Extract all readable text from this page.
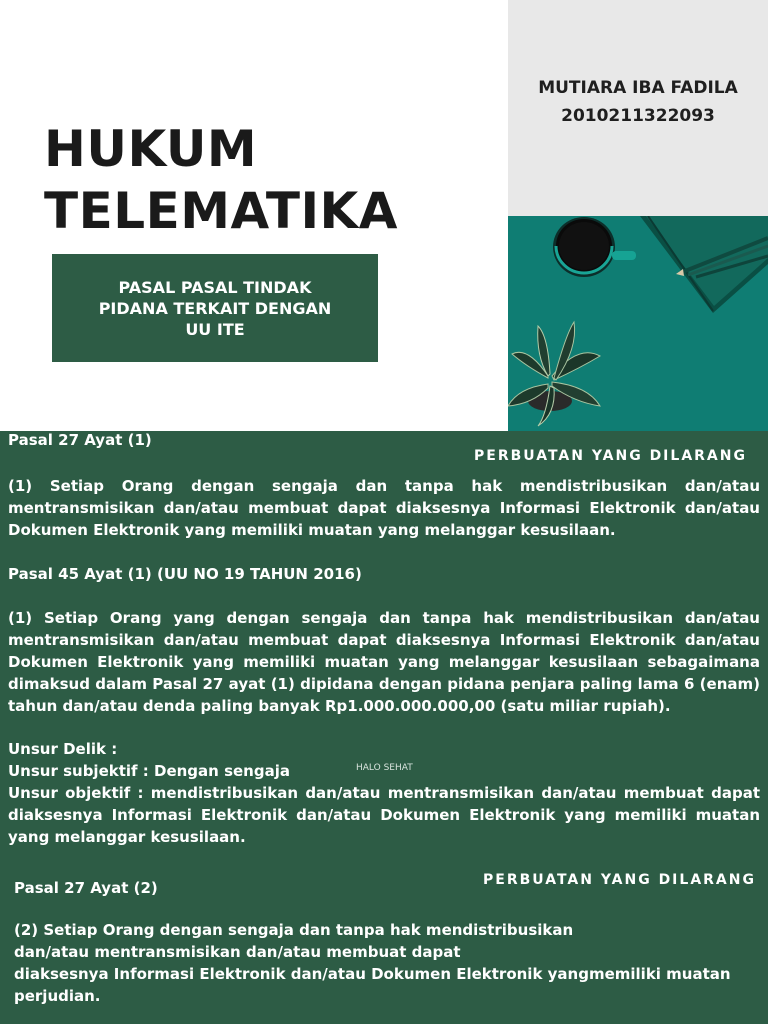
HUKUM
TELEMATIKA

PASAL PASAL TINDAK PIDANA TERKAIT DENGAN UU ITE

MUTIARA IBA FADILA
2010211322093

Pasal 27 Ayat (1)

PERBUATAN YANG DILARANG

(1) Setiap Orang dengan sengaja dan tanpa hak mendistribusikan dan/atau mentransmisikan dan/atau membuat dapat diaksesnya Informasi Elektronik dan/atau Dokumen Elektronik yang memiliki muatan yang melanggar kesusilaan.

Pasal 45 Ayat (1) (UU NO 19 TAHUN 2016)

(1) Setiap Orang yang dengan sengaja dan tanpa hak mendistribusikan dan/atau mentransmisikan dan/atau membuat dapat diaksesnya Informasi Elektronik dan/atau Dokumen Elektronik yang memiliki muatan yang melanggar kesusilaan sebagaimana dimaksud dalam Pasal 27 ayat (1) dipidana dengan pidana penjara paling lama 6 (enam) tahun dan/atau denda paling banyak Rp1.000.000.000,00 (satu miliar rupiah).

Unsur Delik :

Unsur subjektif : Dengan sengaja	HALO SEHAT

Unsur objektif : mendistribusikan dan/atau mentransmisikan dan/atau membuat dapat diaksesnya Informasi Elektronik dan/atau Dokumen Elektronik yang memiliki muatan yang melanggar kesusilaan.

Pasal 27 Ayat (2)	PERBUATAN YANG DILARANG

(2) Setiap Orang dengan sengaja dan tanpa hak mendistribusikan

dan/atau mentransmisikan dan/atau membuat dapat

diaksesnya Informasi Elektronik dan/atau Dokumen Elektronik yangmemiliki muatan

perjudian.
